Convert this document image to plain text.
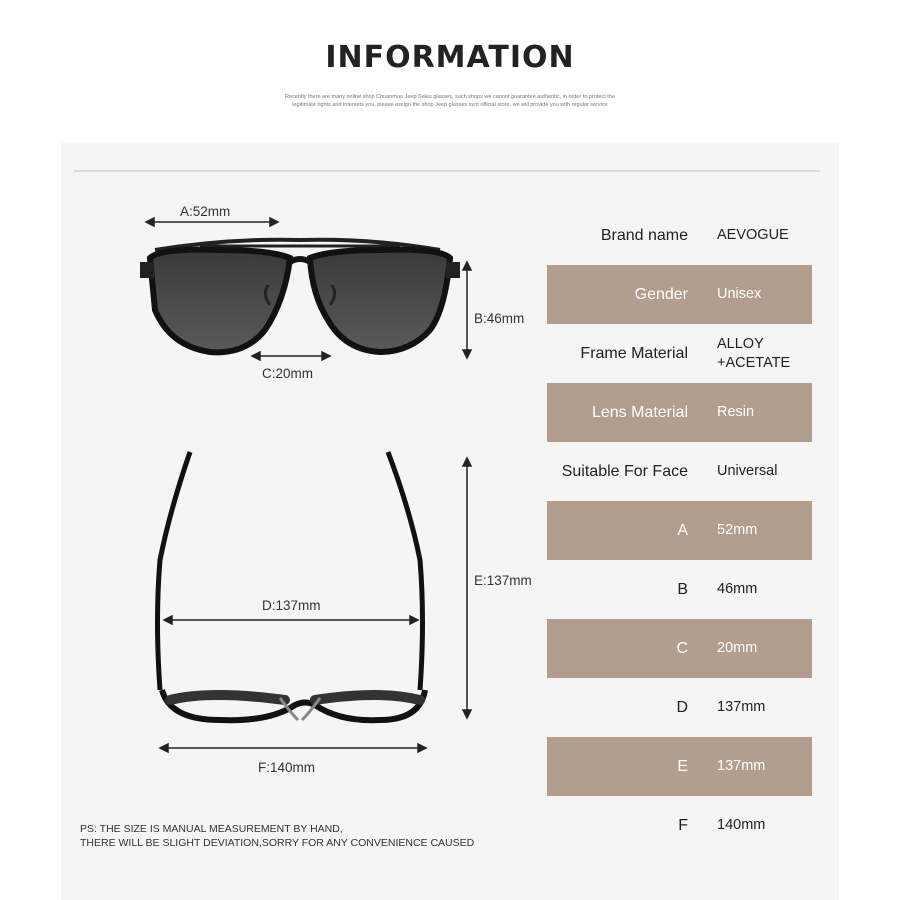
INFORMATION
Recently there are many online shop Chuanmuo Jeep Sales glasses, such shops we cannot guarantee authentic, in order to protect the legitimate rights and interests you, please assign the shop Jeep glasses synt official store, we will provide you with regular service
A:52mm
B:46mm
C:20mm
D:137mm
E:137mm
F:140mm
Brand name AEVOGUE
Gender Unisex
Frame Material
ALLOY
+ACETATE
Lens Material Resin
Suitable For Face Universal
A 52mm
B 46mm
C 20mm
D 137mm
E 137mm
F 140mm
PS: THE SIZE IS MANUAL MEASUREMENT BY HAND,
THERE WILL BE SLIGHT DEVIATION,SORRY FOR ANY CONVENIENCE CAUSED
